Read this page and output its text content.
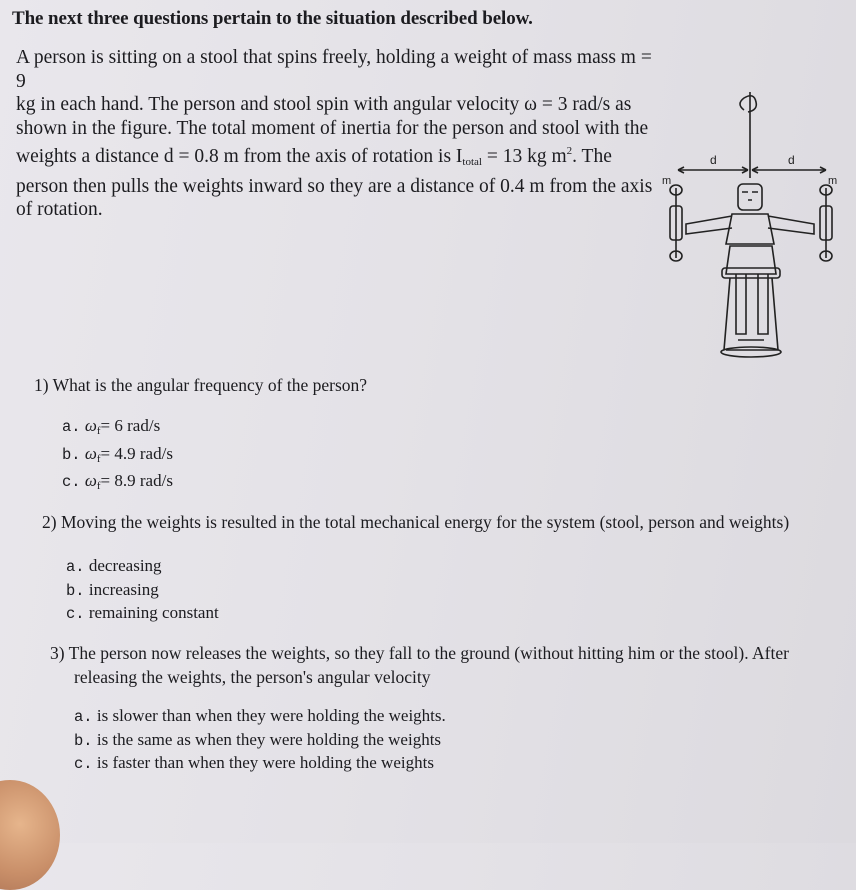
The next three questions pertain to the situation described below.
A person is sitting on a stool that spins freely, holding a weight of mass mass m = 9
kg in each hand. The person and stool spin with angular velocity ω = 3 rad/s as
shown in the figure. The total moment of inertia for the person and stool with the
weights a distance d = 0.8 m from the axis of rotation is $I_{total} = 13$ kg $m^2$. The
person then pulls the weights inward so they are a distance of 0.4 m from the axis
of rotation.
d	d
m	m
1) What is the angular frequency of the person?
a. $\omega_f= 6$ rad/s
b. $\omega_f= 4.9$ rad/s
c. $\omega_f= 8.9$ rad/s
2) Moving the weights is resulted in the total mechanical energy for the system (stool, person and weights)
a. decreasing
b. increasing
c. remaining constant
3) The person now releases the weights, so they fall to the ground (without hitting him or the stool). After
releasing the weights, the person's angular velocity
a. is slower than when they were holding the weights.
b. is the same as when they were holding the weights
c. is faster than when they were holding the weights
